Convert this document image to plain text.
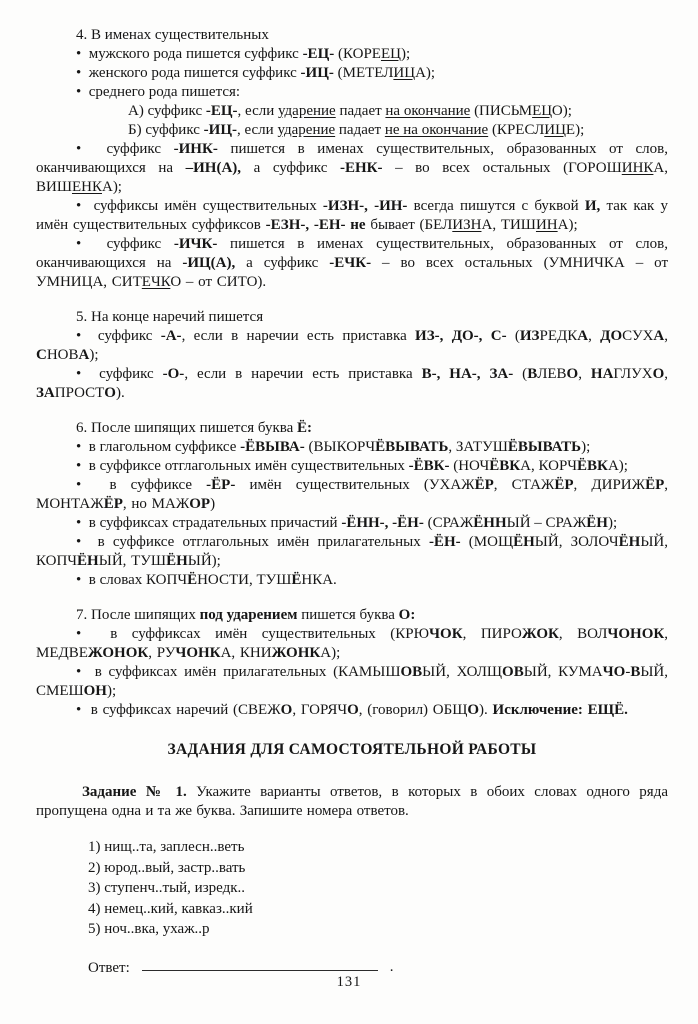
4. В именах существительных
•  мужского рода пишется суффикс -ЕЦ- (КОРЕЕЦ);
•  женского рода пишется суффикс -ИЦ- (МЕТЕЛИЦА);
•  среднего рода пишется:
А) суффикс -ЕЦ-, если ударение падает на окончание (ПИСЬМЕЦО);
Б) суффикс -ИЦ-, если ударение падает не на окончание (КРЕСЛИЦЕ);
•  суффикс -ИНК- пишется в именах существительных, образованных от слов, оканчивающихся на –ИН(А), а суффикс -ЕНК- – во всех остальных (ГОРОШИНКА, ВИШЕНКА);
•  суффиксы имён существительных -ИЗН-, -ИН- всегда пишутся с буквой И, так как у имён существительных суффиксов -ЕЗН-, -ЕН- не бывает (БЕЛИЗНА, ТИШИНА);
•  суффикс -ИЧК- пишется в именах существительных, образованных от слов, оканчивающихся на -ИЦ(А), а суффикс -ЕЧК- – во всех остальных (УМНИЧКА – от УМНИЦА, СИТЕЧКО – от СИТО).
5. На конце наречий пишется
•  суффикс -А-, если в наречии есть приставка ИЗ-, ДО-, С- (ИЗРЕДКА, ДОСУХА, СНОВА);
•  суффикс -О-, если в наречии есть приставка В-, НА-, ЗА- (ВЛЕВО, НАГЛУХО, ЗАПРОСТО).
6. После шипящих пишется буква Ё:
•  в глагольном суффиксе -ЁВЫВА- (ВЫКОРЧЁВЫВАТЬ, ЗАТУШЁВЫВАТЬ);
•  в суффиксе отглагольных имён существительных -ЁВК- (НОЧЁВКА, КОРЧЁВКА);
•  в суффиксе -ЁР- имён существительных (УХАЖЁР, СТАЖЁР, ДИРИЖЁР, МОНТАЖЁР, но МАЖОР)
•  в суффиксах страдательных причастий -ЁНН-, -ЁН- (СРАЖЁННЫЙ – СРАЖЁН);
•  в суффиксе отглагольных имён прилагательных -ЁН- (МОЩЁНЫЙ, ЗОЛОЧЁНЫЙ, КОПЧЁНЫЙ, ТУШЁНЫЙ);
•  в словах КОПЧЁНОСТИ, ТУШЁНКА.
7. После шипящих под ударением пишется буква О:
•  в суффиксах имён существительных (КРЮЧОК, ПИРОЖОК, ВОЛЧОНОК, МЕДВЕЖОНОК, РУЧОНКА, КНИЖОНКА);
•  в суффиксах имён прилагательных (КАМЫШОВЫЙ, ХОЛЩОВЫЙ, КУМАЧО-ВЫЙ, СМЕШОН);
•  в суффиксах наречий (СВЕЖО, ГОРЯЧО, (говорил) ОБЩО). Исключение: ЕЩЁ.
ЗАДАНИЯ ДЛЯ САМОСТОЯТЕЛЬНОЙ РАБОТЫ
Задание № 1. Укажите варианты ответов, в которых в обоих словах одного ряда пропущена одна и та же буква. Запишите номера ответов.
1) нищ..та, заплесн..веть
2) юрод..вый, застр..вать
3) ступенч..тый, изредк..
4) немец..кий, кавказ..кий
5) ноч..вка, ухаж..р
Ответ:	.
131
